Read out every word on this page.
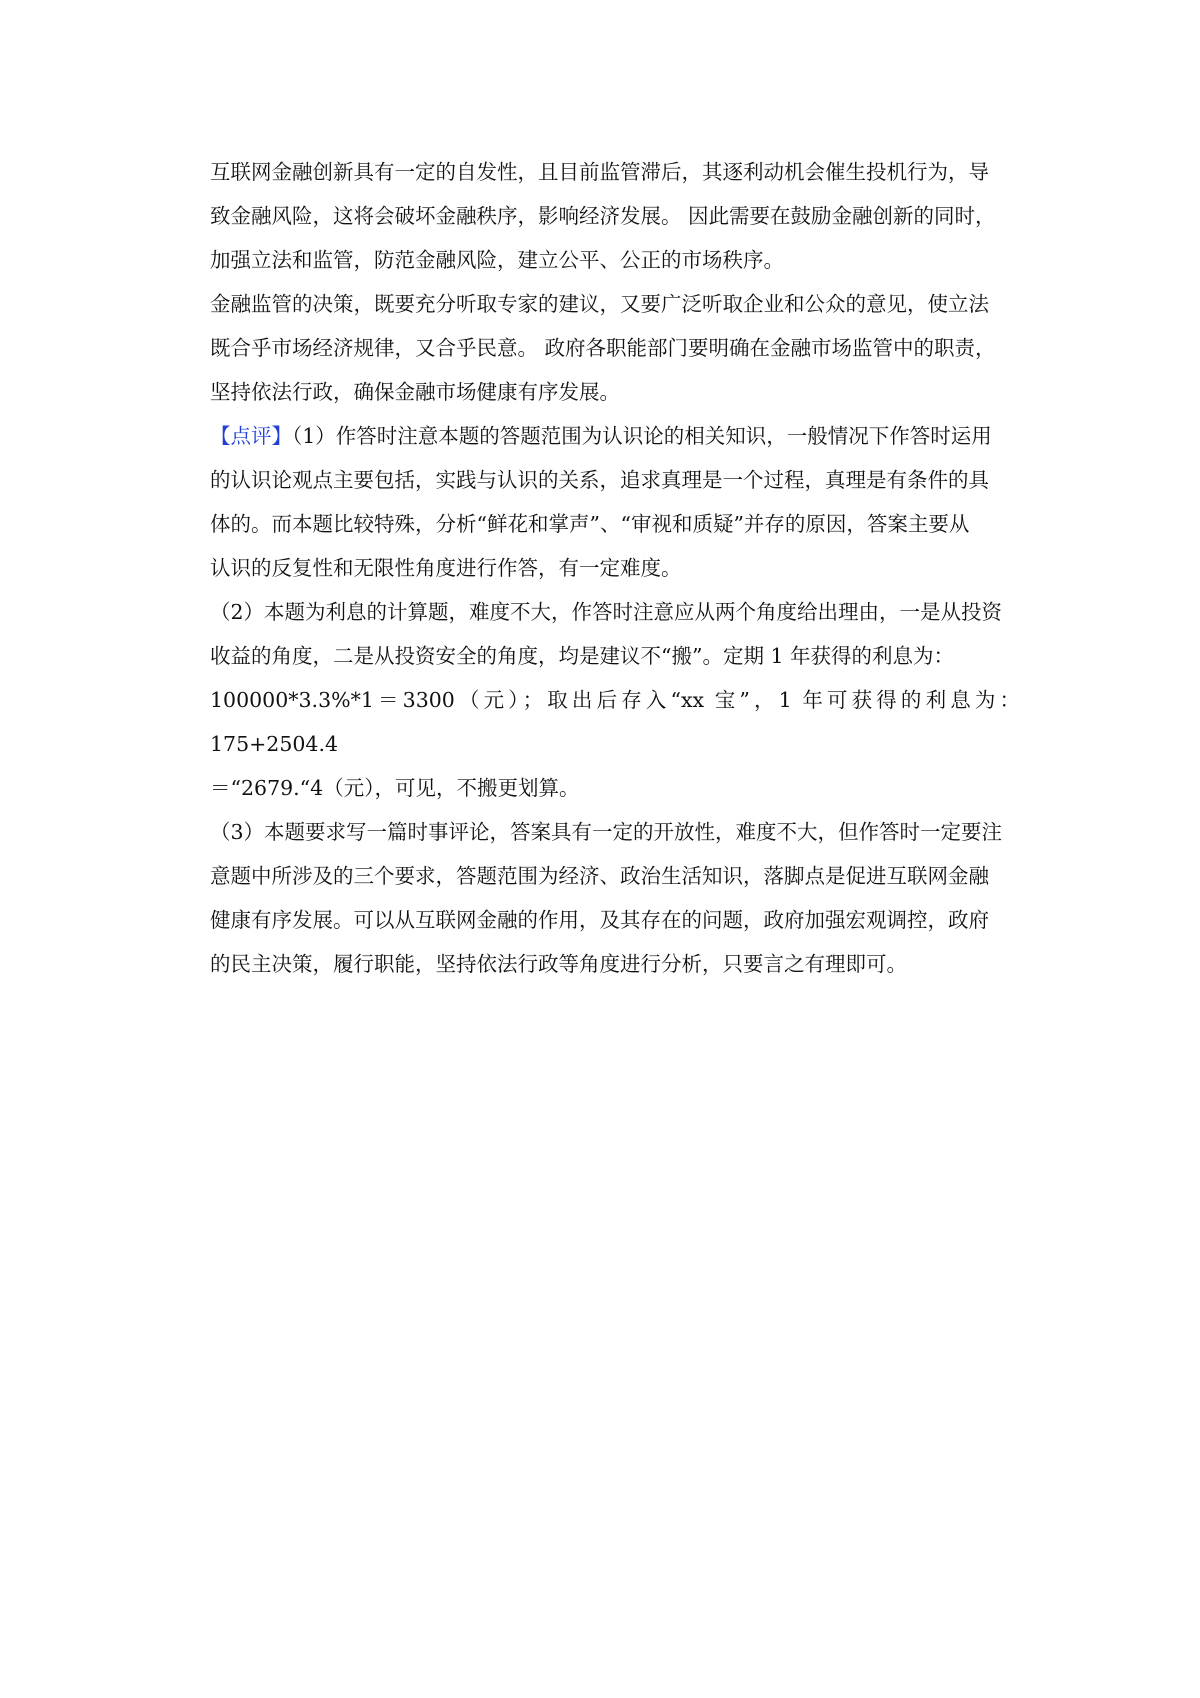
互联网金融创新具有一定的自发性，且目前监管滞后，其逐利动机会催生投机行为，导
致金融风险，这将会破坏金融秩序，影响经济发展。 因此需要在鼓励金融创新的同时，
加强立法和监管，防范金融风险，建立公平、公正的市场秩序。
金融监管的决策，既要充分听取专家的建议，又要广泛听取企业和公众的意见，使立法
既合乎市场经济规律，又合乎民意。 政府各职能部门要明确在金融市场监管中的职责，
坚持依法行政，确保金融市场健康有序发展。
【点评】（1）作答时注意本题的答题范围为认识论的相关知识，一般情况下作答时运用
的认识论观点主要包括，实践与认识的关系，追求真理是一个过程，真理是有条件的具
体的。而本题比较特殊，分析“鲜花和掌声”、“审视和质疑”并存的原因，答案主要从
认识的反复性和无限性角度进行作答，有一定难度。
（2）本题为利息的计算题，难度不大，作答时注意应从两个角度给出理由，一是从投资
收益的角度，二是从投资安全的角度，均是建议不“搬”。定期 1 年获得的利息为：
100000*3.3%*1＝3300（元）；取出后存入“xx 宝”，1 年可获得的利息为：175+2504.4
＝“2679.“4（元），可见，不搬更划算。
（3）本题要求写一篇时事评论，答案具有一定的开放性，难度不大，但作答时一定要注
意题中所涉及的三个要求，答题范围为经济、政治生活知识，落脚点是促进互联网金融
健康有序发展。可以从互联网金融的作用，及其存在的问题，政府加强宏观调控，政府
的民主决策，履行职能，坚持依法行政等角度进行分析，只要言之有理即可。
